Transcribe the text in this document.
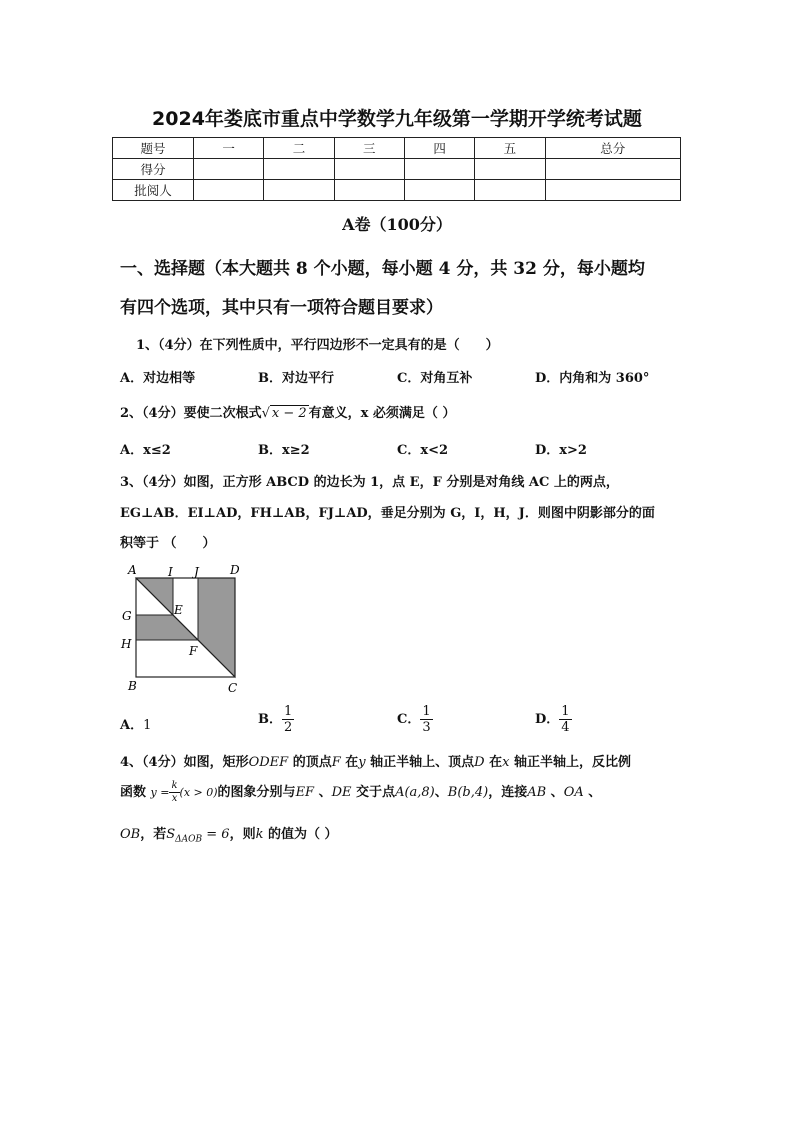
2024年娄底市重点中学数学九年级第一学期开学统考试题
题号	一	二	三	四	五	总分
得分						
批阅人						
A卷（100分）
一、选择题（本大题共 8 个小题，每小题 4 分，共 32 分，每小题均
有四个选项，其中只有一项符合题目要求）
1、（4分）在下列性质中，平行四边形不一定具有的是（　　）
A．对边相等	B．对边平行	C．对角互补	D．内角和为 360°
2、（4分）要使二次根式√ x − 2 有意义，x 必须满足（ ）
A．x≤2	B．x≥2	C．x<2	D．x>2
3、（4分）如图，正方形 ABCD 的边长为 1，点 E，F 分别是对角线 AC 上的两点，
EG⊥AB．EI⊥AD，FH⊥AB，FJ⊥AD，垂足分别为 G，I，H，J．则图中阴影部分的面
积等于 （　　）
A	I J	D
G	E
H	F
B	C
A．1	B． $\frac{1}{2}$	C． $\frac{1}{3}$	D． $\frac{1}{4}$
4、（4分）如图，矩形ODEF 的顶点F 在y 轴正半轴上、顶点D 在x 轴正半轴上，反比例
函数 $y = \frac{k}{x} (x > 0)$的图象分别与EF 、DE 交于点A(a,8)、B(b,4)，连接AB 、OA 、
OB，若$S_{\Delta AOB} = 6$，则k 的值为（ ）
